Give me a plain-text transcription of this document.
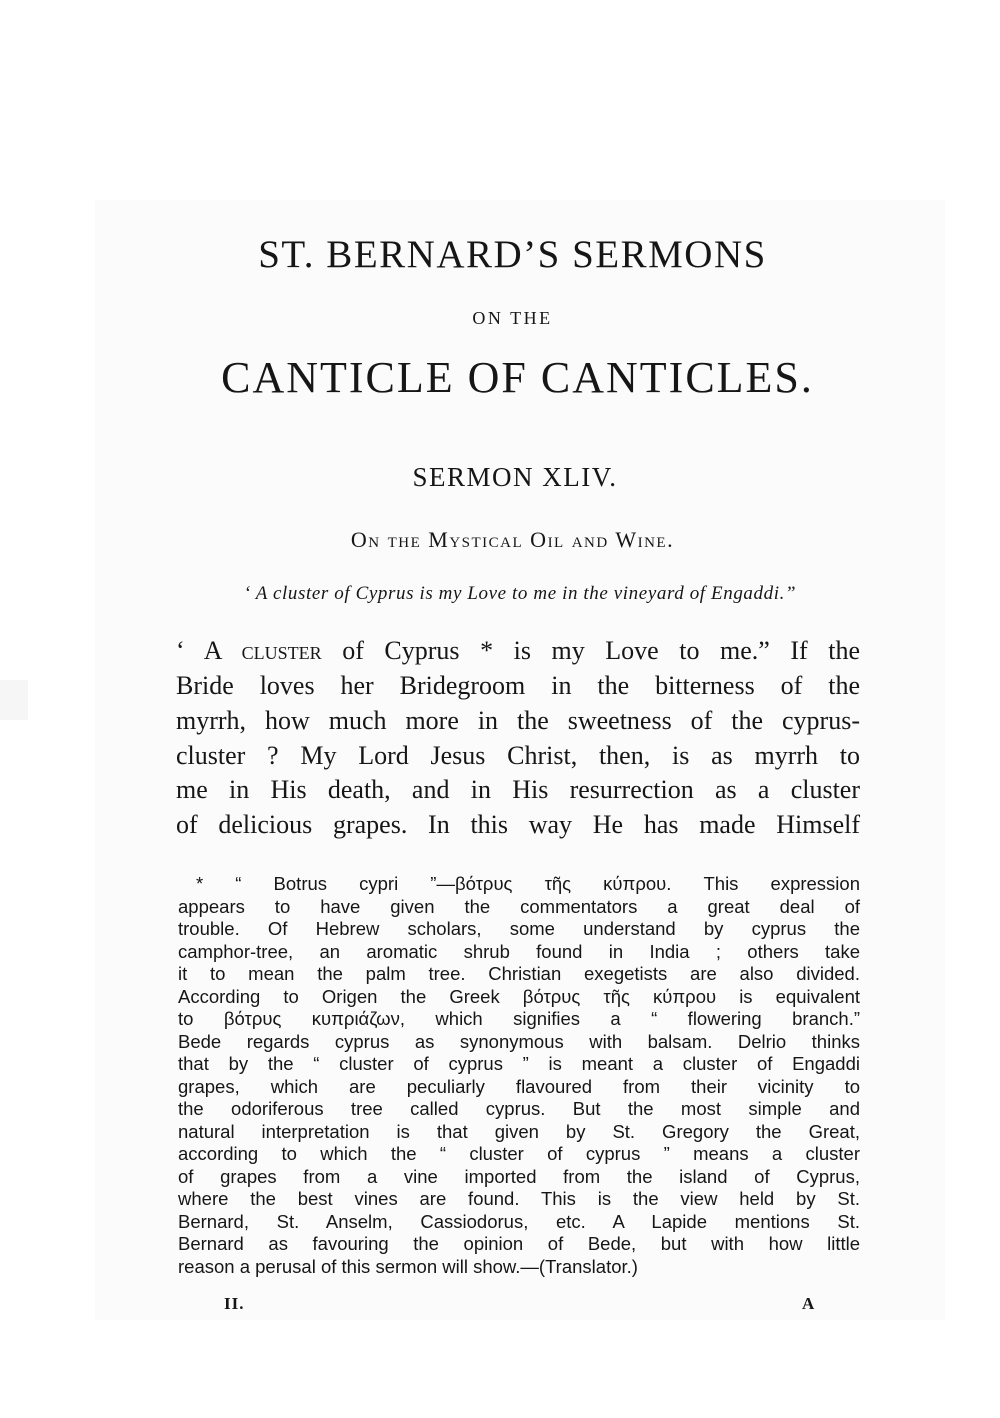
ST. BERNARD’S SERMONS
ON THE
CANTICLE OF CANTICLES.
SERMON XLIV.
On the Mystical Oil and Wine.
‘ A cluster of Cyprus is my Love to me in the vineyard of Engaddi.”
‘ A cluster of Cyprus * is my Love to me.” If the
Bride loves her Bridegroom in the bitterness of the
myrrh, how much more in the sweetness of the cyprus-
cluster ? My Lord Jesus Christ, then, is as myrrh to
me in His death, and in His resurrection as a cluster
of delicious grapes. In this way He has made Himself
* “ Botrus cypri ”—βότρυς τῆς κύπρου. This expression
appears to have given the commentators a great deal of
trouble. Of Hebrew scholars, some understand by cyprus the
camphor-tree, an aromatic shrub found in India ; others take
it to mean the palm tree. Christian exegetists are also divided.
According to Origen the Greek βότρυς τῆς κύπρου is equivalent
to βότρυς κυπριάζων, which signifies a “ flowering branch.”
Bede regards cyprus as synonymous with balsam. Delrio thinks
that by the “ cluster of cyprus ” is meant a cluster of Engaddi
grapes, which are peculiarly flavoured from their vicinity to
the odoriferous tree called cyprus. But the most simple and
natural interpretation is that given by St. Gregory the Great,
according to which the “ cluster of cyprus ” means a cluster
of grapes from a vine imported from the island of Cyprus,
where the best vines are found. This is the view held by St.
Bernard, St. Anselm, Cassiodorus, etc. A Lapide mentions St.
Bernard as favouring the opinion of Bede, but with how little
reason a perusal of this sermon will show.—(Translator.)
II.	A
